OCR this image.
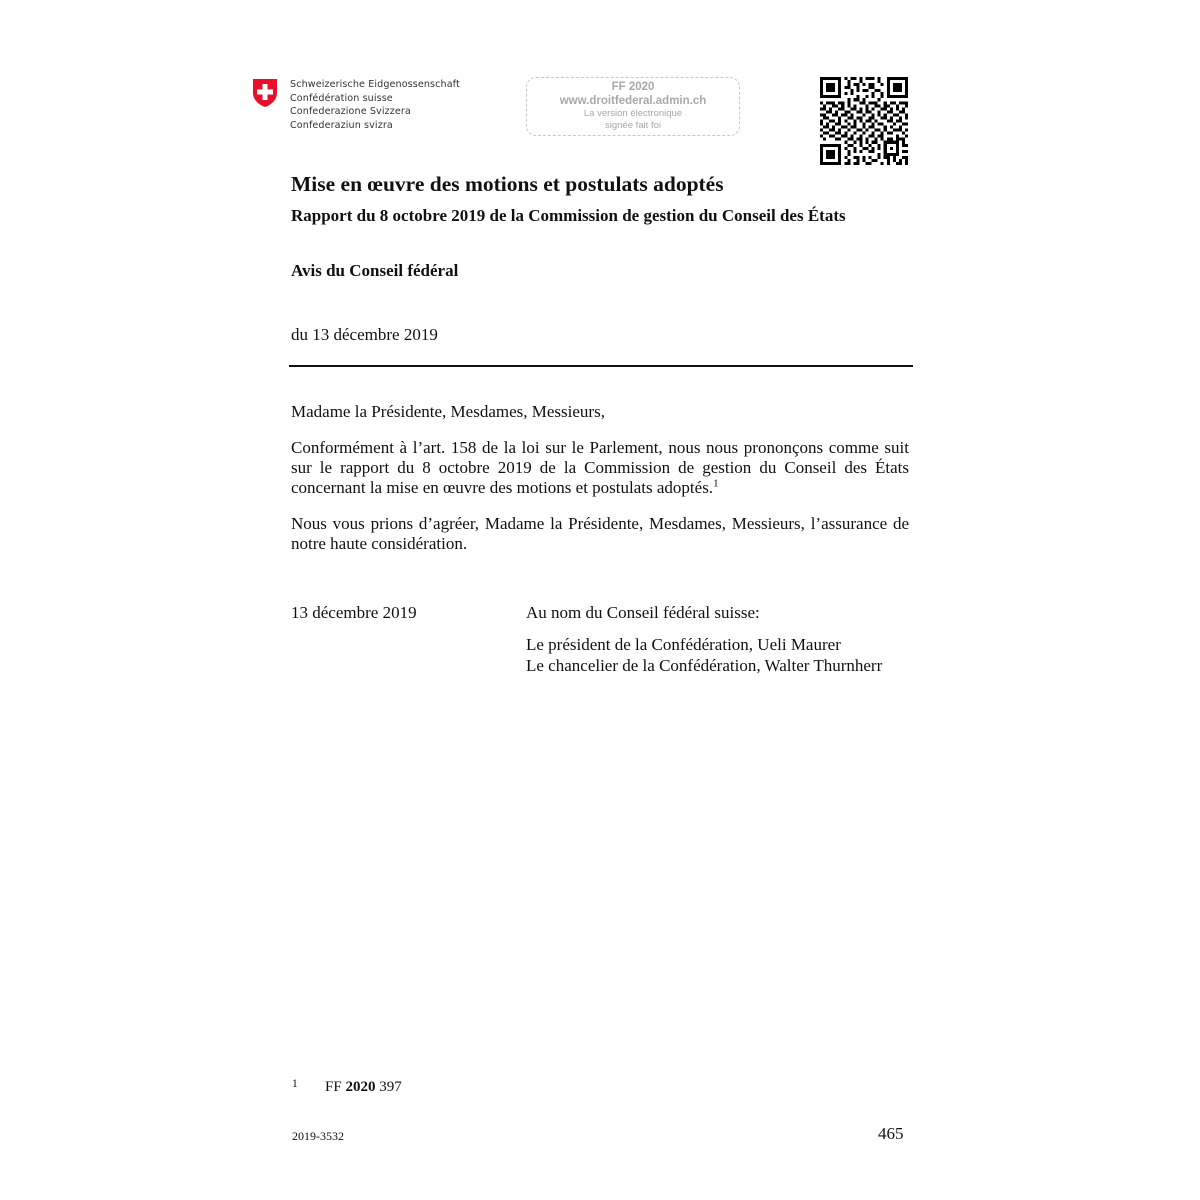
Schweizerische Eidgenossenschaft
Confédération suisse
Confederazione Svizzera
Confederaziun svizra
FF 2020
www.droitfederal.admin.ch
La version électronique
signée fait foi
Mise en œuvre des motions et postulats adoptés
Rapport du 8 octobre 2019 de la Commission de gestion du Conseil des États
Avis du Conseil fédéral
du 13 décembre 2019
Madame la Présidente, Mesdames, Messieurs,
Conformément à l’art. 158 de la loi sur le Parlement, nous nous prononçons comme suit sur le rapport du 8 octobre 2019 de la Commission de gestion du Conseil des États concernant la mise en œuvre des motions et postulats adoptés.$^1$
Nous vous prions d’agréer, Madame la Présidente, Mesdames, Messieurs, l’assurance de notre haute considération.
13 décembre 2019	Au nom du Conseil fédéral suisse:
Le président de la Confédération, Ueli Maurer
Le chancelier de la Confédération, Walter Thurnherr
1 FF 2020 397
2019-3532	465
